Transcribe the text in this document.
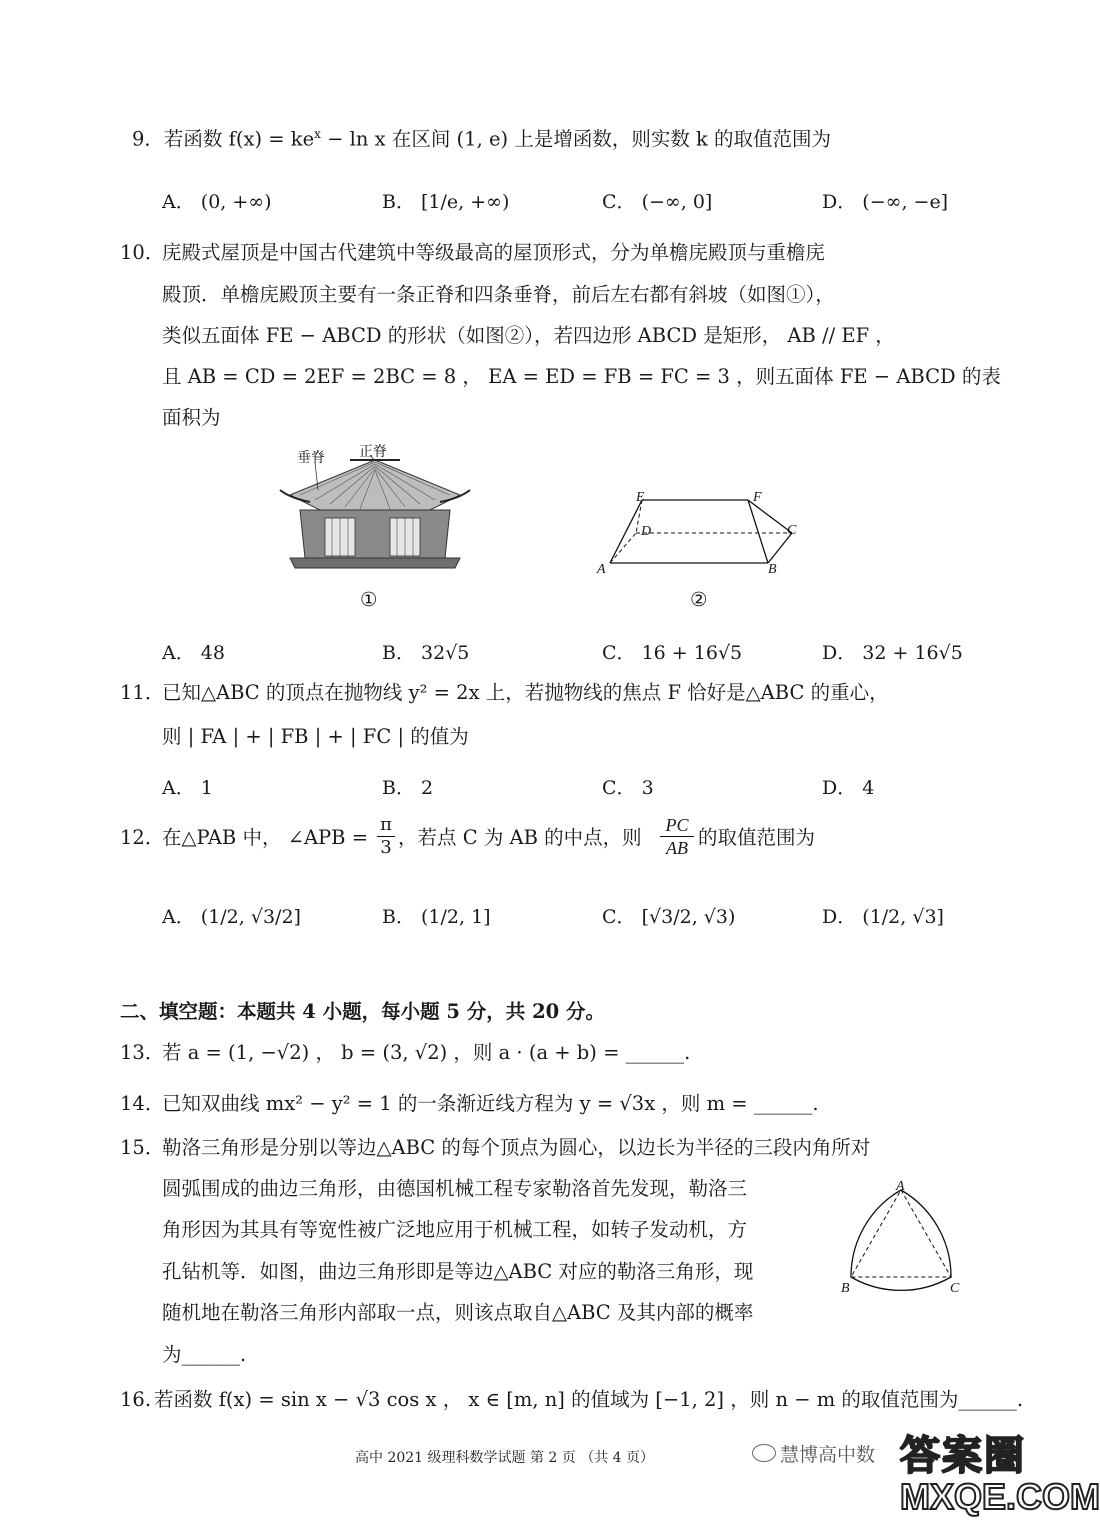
9．若函数 $f(x) = ke^x - \ln x$ 在区间 (1, e) 上是增函数，则实数 k 的取值范围为
A． (0, +∞)	B． [1/e, +∞)	C． (−∞, 0]	D． (−∞, −e]
10．
庑殿式屋顶是中国古代建筑中等级最高的屋顶形式，分为单檐庑殿顶与重檐庑
殿顶．单檐庑殿顶主要有一条正脊和四条垂脊，前后左右都有斜坡（如图①），
类似五面体 FE − ABCD 的形状（如图②），若四边形 ABCD 是矩形， AB // EF ，
且 AB = CD = 2EF = 2BC = 8 ， EA = ED = FB = FC = 3 ，则五面体 FE − ABCD 的表
面积为
垂脊 正脊
①
E	F
D	C
A	B
②
A． 48	B． 32√5	C． 16 + 16√5	D． 32 + 16√5
11．
已知△ABC 的顶点在抛物线 y² = 2x 上，若抛物线的焦点 F 恰好是△ABC 的重心，
则 | FA | + | FB | + | FC | 的值为
A． 1	B． 2	C． 3	D． 4
12．
在△PAB 中， ∠APB = $\frac{\pi}{3}$ ，若点 C 为 AB 的中点，则 $\frac{PC}{AB}$ 的取值范围为
A． (1/2, √3/2]	B． (1/2, 1]	C． [√3/2, √3)	D． (1/2, √3]
二、填空题：本题共 4 小题，每小题 5 分，共 20 分。
13．
若 a = (1, −√2) ， b = (3, √2) ，则 a · (a + b) = ______.
14．
已知双曲线 mx² − y² = 1 的一条渐近线方程为 y = √3x ，则 m = ______.
15．
勒洛三角形是分别以等边△ABC 的每个顶点为圆心，以边长为半径的三段内角所对
圆弧围成的曲边三角形，由德国机械工程专家勒洛首先发现，勒洛三
角形因为其具有等宽性被广泛地应用于机械工程，如转子发动机，方
孔钻机等．如图，曲边三角形即是等边△ABC 对应的勒洛三角形，现
随机地在勒洛三角形内部取一点，则该点取自△ABC 及其内部的概率
为______.
A
B	C
16. 若函数 f(x) = sin x − √3 cos x ， x ∈ [m, n] 的值域为 [−1, 2] ，则 n − m 的取值范围为______.
高中 2021 级理科数学试题 第 2 页 （共 4 页）	慧博高中数 答案圈
MXQE.COM
